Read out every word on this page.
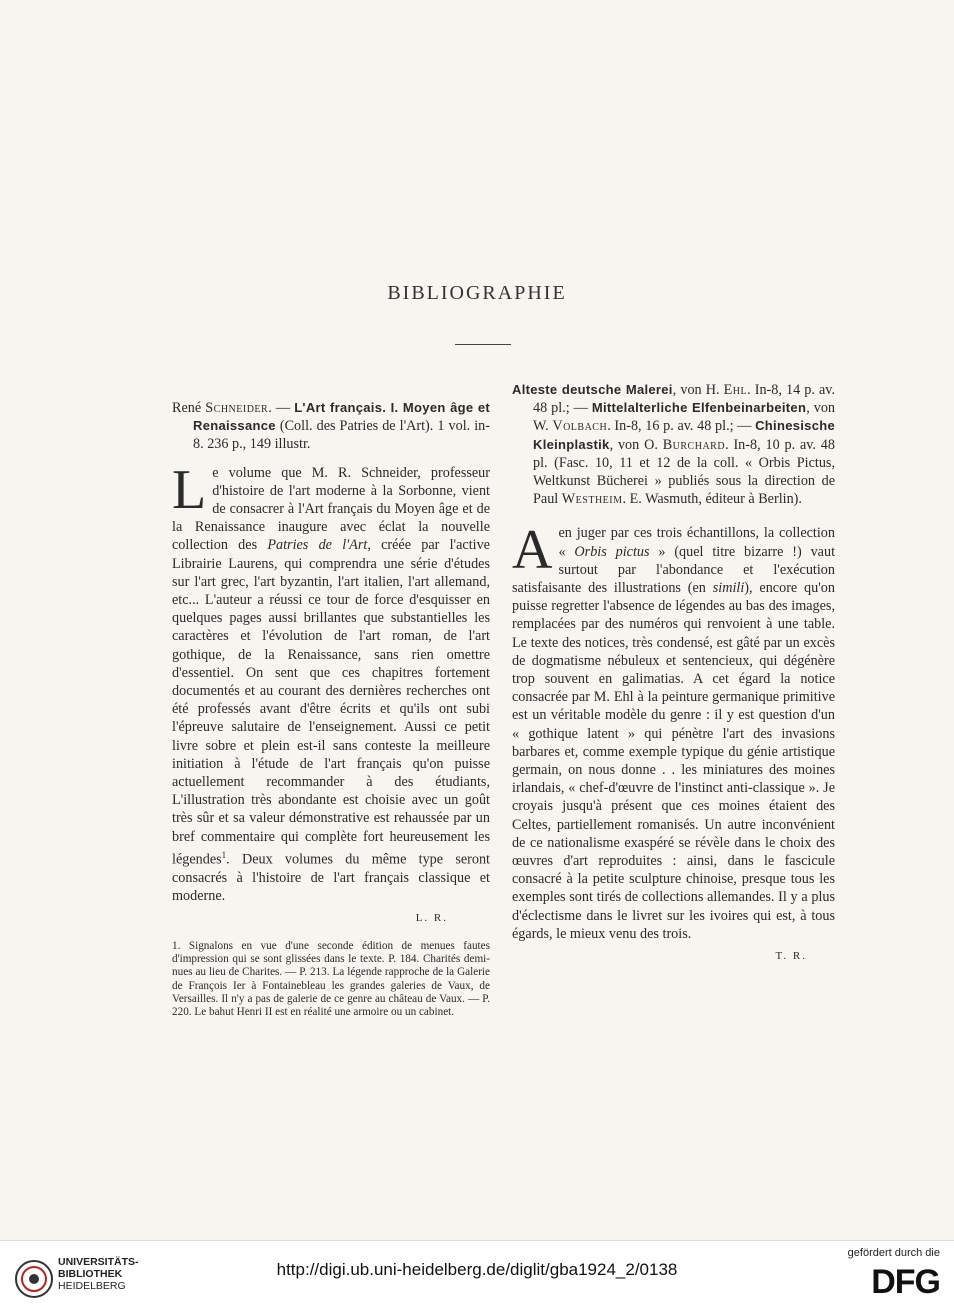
BIBLIOGRAPHIE

René Schneider. — L'Art français. I. Moyen âge et Renaissance (Coll. des Patries de l'Art). 1 vol. in-8. 236 p., 149 illustr.

Le volume que M. R. Schneider, professeur d'histoire de l'art moderne à la Sorbonne, vient de consacrer à l'Art français du Moyen âge et de la Renaissance inaugure avec éclat la nouvelle collection des Patries de l'Art, créée par l'active Librairie Laurens, qui comprendra une série d'études sur l'art grec, l'art byzantin, l'art italien, l'art allemand, etc... L'auteur a réussi ce tour de force d'esquisser en quelques pages aussi brillantes que substantielles les caractères et l'évolution de l'art roman, de l'art gothique, de la Renaissance, sans rien omettre d'essentiel. On sent que ces chapitres fortement documentés et au courant des dernières recherches ont été professés avant d'être écrits et qu'ils ont subi l'épreuve salutaire de l'enseignement. Aussi ce petit livre sobre et plein est-il sans conteste la meilleure initiation à l'étude de l'art français qu'on puisse actuellement recommander à des étudiants, L'illustration très abondante est choisie avec un goût très sûr et sa valeur démonstrative est rehaussée par un bref commentaire qui complète fort heureusement les légendes$^1$. Deux volumes du même type seront consacrés à l'histoire de l'art français classique et moderne.

L. R.

1. Signalons en vue d'une seconde édition de menues fautes d'impression qui se sont glissées dans le texte. P. 184. Charités demi-nues au lieu de Charites. — P. 213. La légende rapproche de la Galerie de François Ier à Fontainebleau les grandes galeries de Vaux, de Versailles. Il n'y a pas de galerie de ce genre au château de Vaux. — P. 220. Le bahut Henri II est en réalité une armoire ou un cabinet.

Alteste deutsche Malerei, von H. Ehl. In-8, 14 p. av. 48 pl.; — Mittelalterliche Elfenbeinarbeiten, von W. Volbach. In-8, 16 p. av. 48 pl.; — Chinesische Kleinplastik, von O. Burchard. In-8, 10 p. av. 48 pl. (Fasc. 10, 11 et 12 de la coll. « Orbis Pictus, Weltkunst Bücherei » publiés sous la direction de Paul Westheim. E. Wasmuth, éditeur à Berlin).

Aen juger par ces trois échantillons, la collection « Orbis pictus » (quel titre bizarre !) vaut surtout par l'abondance et l'exécution satisfaisante des illustrations (en simili), encore qu'on puisse regretter l'absence de légendes au bas des images, remplacées par des numéros qui renvoient à une table. Le texte des notices, très condensé, est gâté par un excès de dogmatisme nébuleux et sentencieux, qui dégénère trop souvent en galimatias. A cet égard la notice consacrée par M. Ehl à la peinture germanique primitive est un véritable modèle du genre : il y est question d'un « gothique latent » qui pénètre l'art des invasions barbares et, comme exemple typique du génie artistique germain, on nous donne . . les miniatures des moines irlandais, « chef-d'œuvre de l'instinct anti-classique ». Je croyais jusqu'à présent que ces moines étaient des Celtes, partiellement romanisés. Un autre inconvénient de ce nationalisme exaspéré se révèle dans le choix des œuvres d'art reproduites : ainsi, dans le fascicule consacré à la petite sculpture chinoise, presque tous les exemples sont tirés de collections allemandes. Il y a plus d'éclectisme dans le livret sur les ivoires qui est, à tous égards, le mieux venu des trois.

T. R.

UNIVERSITÄTS-
BIBLIOTHEK
HEIDELBERG
http://digi.ub.uni-heidelberg.de/diglit/gba1924_2/0138
gefördert durch die
DFG
